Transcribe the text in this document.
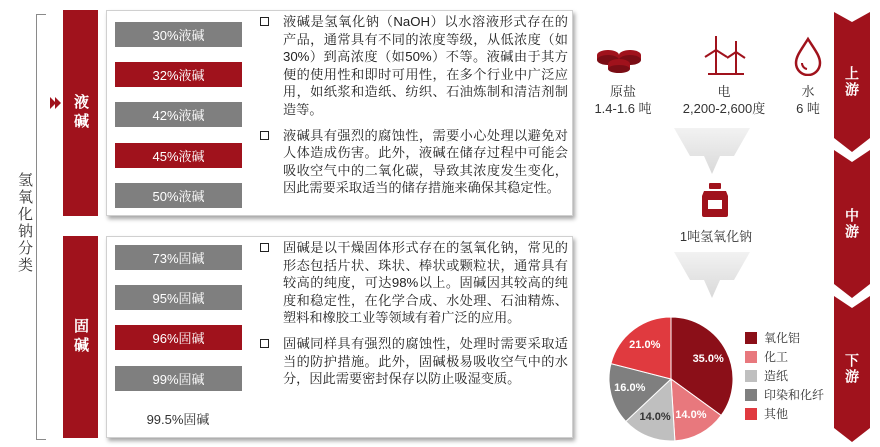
氢氧化钠分类
液碱
30%液碱
32%液碱
42%液碱
45%液碱
50%液碱
液碱是氢氧化钠（NaOH）以水溶液形式存在的产品，通常具有不同的浓度等级，从低浓度（如30%）到高浓度（如50%）不等。液碱由于其方便的使用性和即时可用性，在多个行业中广泛应用，如纸浆和造纸、纺织、石油炼制和清洁剂制造等。
液碱具有强烈的腐蚀性，需要小心处理以避免对人体造成伤害。此外，液碱在储存过程中可能会吸收空气中的二氧化碳，导致其浓度发生变化，因此需要采取适当的储存措施来确保其稳定性。
固碱
73%固碱
95%固碱
96%固碱
99%固碱
99.5%固碱
固碱是以干燥固体形式存在的氢氧化钠，常见的形态包括片状、珠状、棒状或颗粒状，通常具有较高的纯度，可达98%以上。固碱因其较高的纯度和稳定性，在化学合成、水处理、石油精炼、塑料和橡胶工业等领域有着广泛的应用。
固碱同样具有强烈的腐蚀性，处理时需要采取适当的防护措施。此外，固碱极易吸收空气中的水分，因此需要密封保存以防止吸湿变质。
原盐
1.4-1.6 吨
电
2,200-2,600度
水
6 吨
1吨氢氧化钠
上游
中游
下游
35.0%
14.0%
14.0%
16.0%
21.0%	氧化铝
化工
造纸
印染和化纤
其他
